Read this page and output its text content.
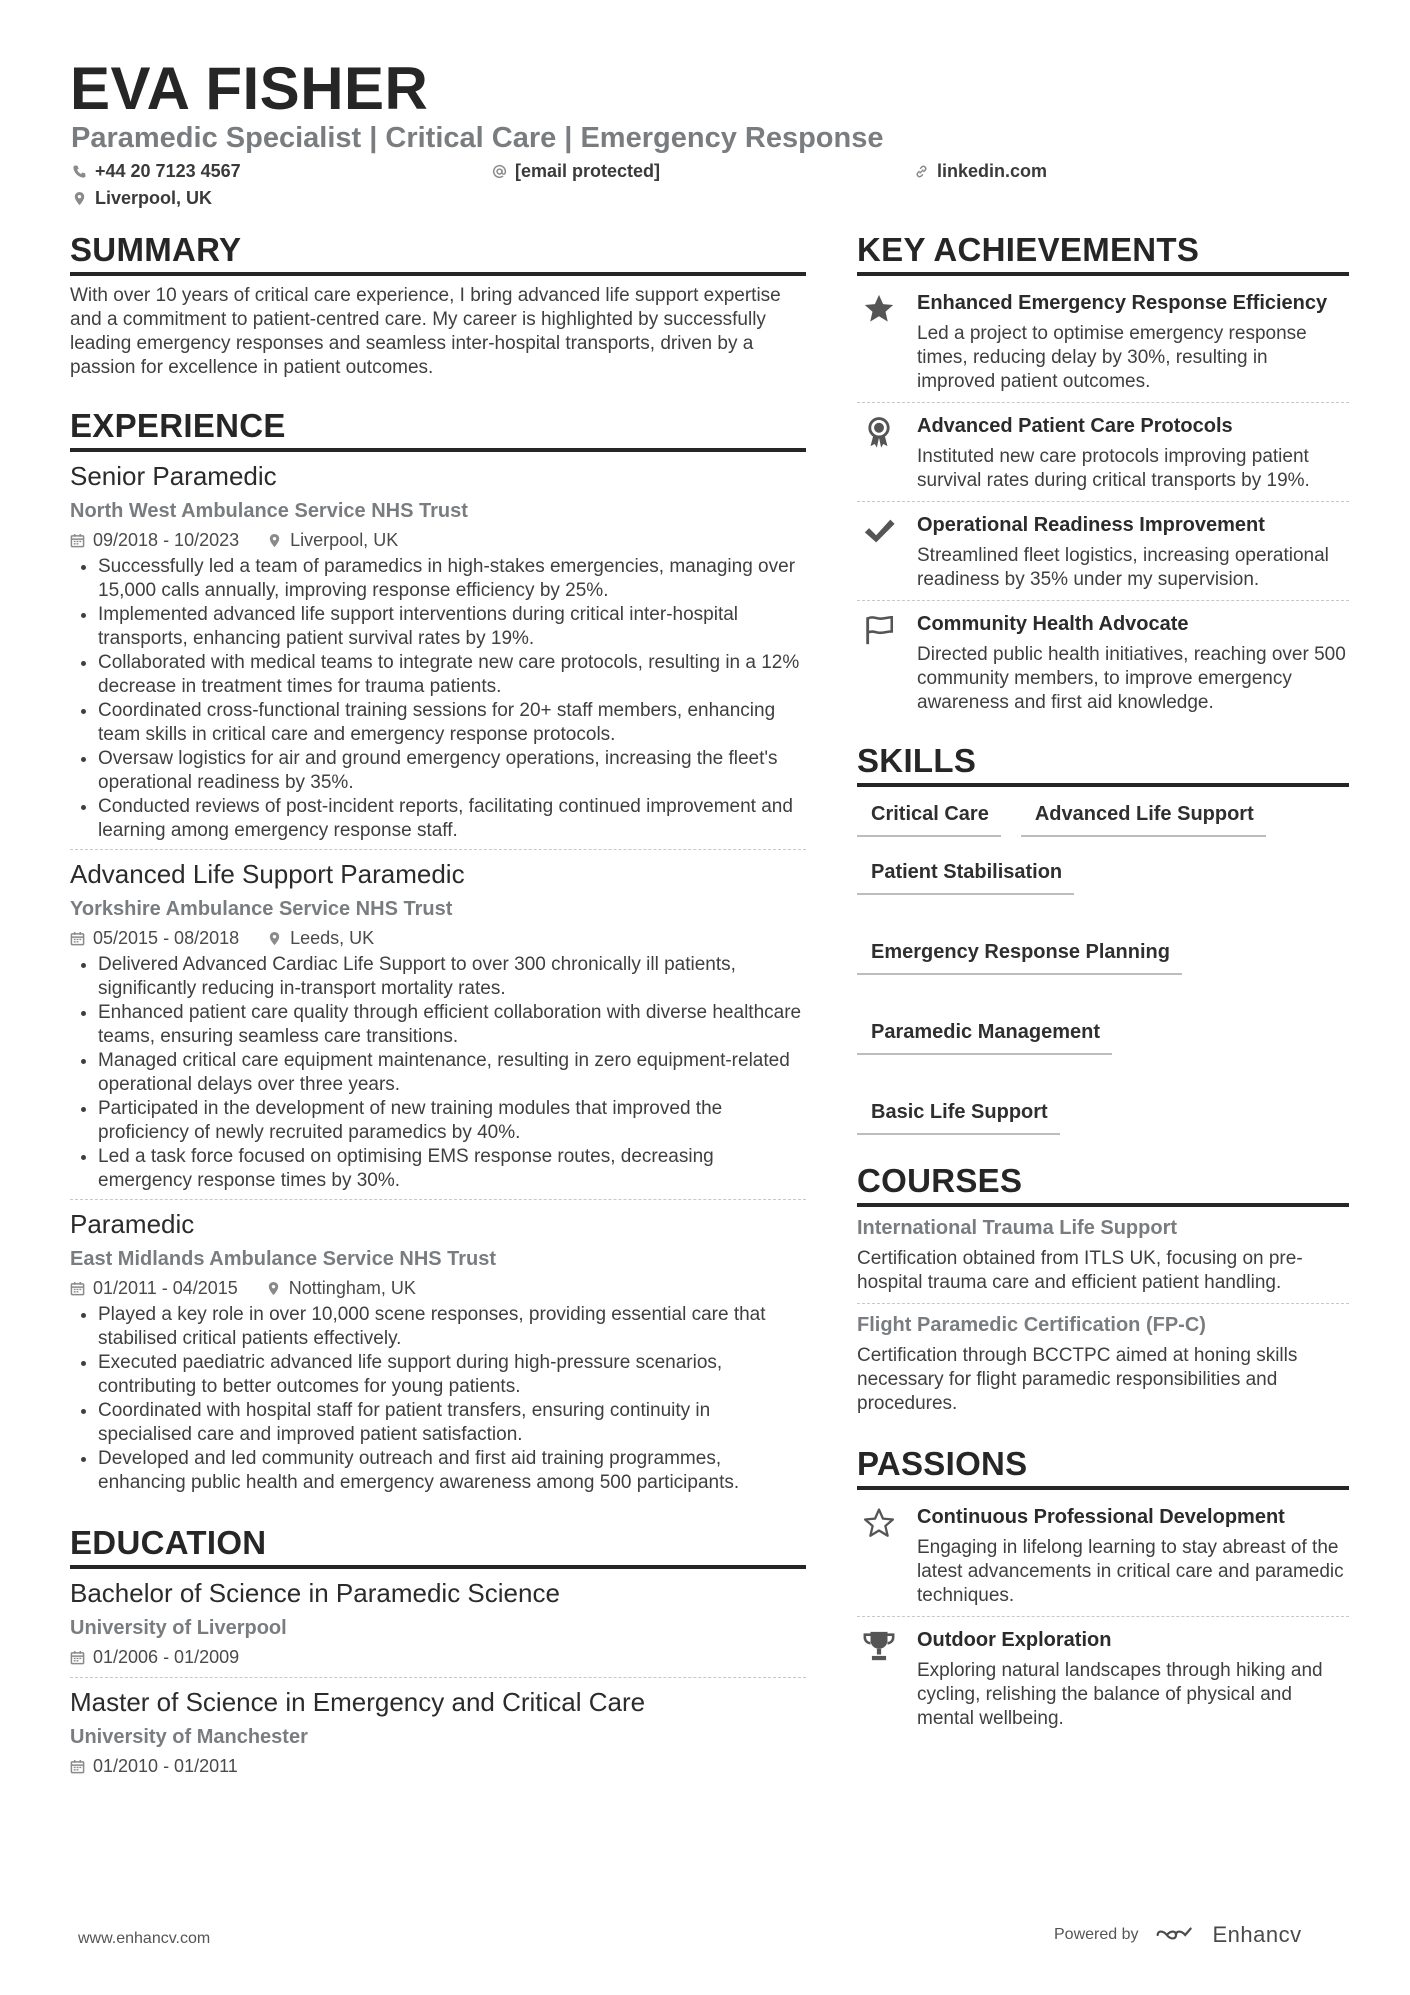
EVA FISHER
Paramedic Specialist | Critical Care | Emergency Response
+44 20 7123 4567	[email protected]	linkedin.com
Liverpool, UK
SUMMARY
With over 10 years of critical care experience, I bring advanced life support expertise and a commitment to patient-centred care. My career is highlighted by successfully leading emergency responses and seamless inter-hospital transports, driven by a passion for excellence in patient outcomes.
EXPERIENCE
Senior Paramedic
North West Ambulance Service NHS Trust
09/2018 - 10/2023	Liverpool, UK
• Successfully led a team of paramedics in high-stakes emergencies, managing over 15,000 calls annually, improving response efficiency by 25%.
• Implemented advanced life support interventions during critical inter-hospital transports, enhancing patient survival rates by 19%.
• Collaborated with medical teams to integrate new care protocols, resulting in a 12% decrease in treatment times for trauma patients.
• Coordinated cross-functional training sessions for 20+ staff members, enhancing team skills in critical care and emergency response protocols.
• Oversaw logistics for air and ground emergency operations, increasing the fleet's operational readiness by 35%.
• Conducted reviews of post-incident reports, facilitating continued improvement and learning among emergency response staff.
Advanced Life Support Paramedic
Yorkshire Ambulance Service NHS Trust
05/2015 - 08/2018	Leeds, UK
• Delivered Advanced Cardiac Life Support to over 300 chronically ill patients, significantly reducing in-transport mortality rates.
• Enhanced patient care quality through efficient collaboration with diverse healthcare teams, ensuring seamless care transitions.
• Managed critical care equipment maintenance, resulting in zero equipment-related operational delays over three years.
• Participated in the development of new training modules that improved the proficiency of newly recruited paramedics by 40%.
• Led a task force focused on optimising EMS response routes, decreasing emergency response times by 30%.
Paramedic
East Midlands Ambulance Service NHS Trust
01/2011 - 04/2015	Nottingham, UK
• Played a key role in over 10,000 scene responses, providing essential care that stabilised critical patients effectively.
• Executed paediatric advanced life support during high-pressure scenarios, contributing to better outcomes for young patients.
• Coordinated with hospital staff for patient transfers, ensuring continuity in specialised care and improved patient satisfaction.
• Developed and led community outreach and first aid training programmes, enhancing public health and emergency awareness among 500 participants.
EDUCATION
Bachelor of Science in Paramedic Science
University of Liverpool
01/2006 - 01/2009
Master of Science in Emergency and Critical Care
University of Manchester
01/2010 - 01/2011
KEY ACHIEVEMENTS
Enhanced Emergency Response Efficiency
Led a project to optimise emergency response times, reducing delay by 30%, resulting in improved patient outcomes.
Advanced Patient Care Protocols
Instituted new care protocols improving patient survival rates during critical transports by 19%.
Operational Readiness Improvement
Streamlined fleet logistics, increasing operational readiness by 35% under my supervision.
Community Health Advocate
Directed public health initiatives, reaching over 500 community members, to improve emergency awareness and first aid knowledge.
SKILLS
Critical Care	Advanced Life Support
Patient Stabilisation
Emergency Response Planning
Paramedic Management
Basic Life Support
COURSES
International Trauma Life Support
Certification obtained from ITLS UK, focusing on pre-hospital trauma care and efficient patient handling.
Flight Paramedic Certification (FP-C)
Certification through BCCTPC aimed at honing skills necessary for flight paramedic responsibilities and procedures.
PASSIONS
Continuous Professional Development
Engaging in lifelong learning to stay abreast of the latest advancements in critical care and paramedic techniques.
Outdoor Exploration
Exploring natural landscapes through hiking and cycling, relishing the balance of physical and mental wellbeing.
www.enhancv.com	Powered by	Enhancv
